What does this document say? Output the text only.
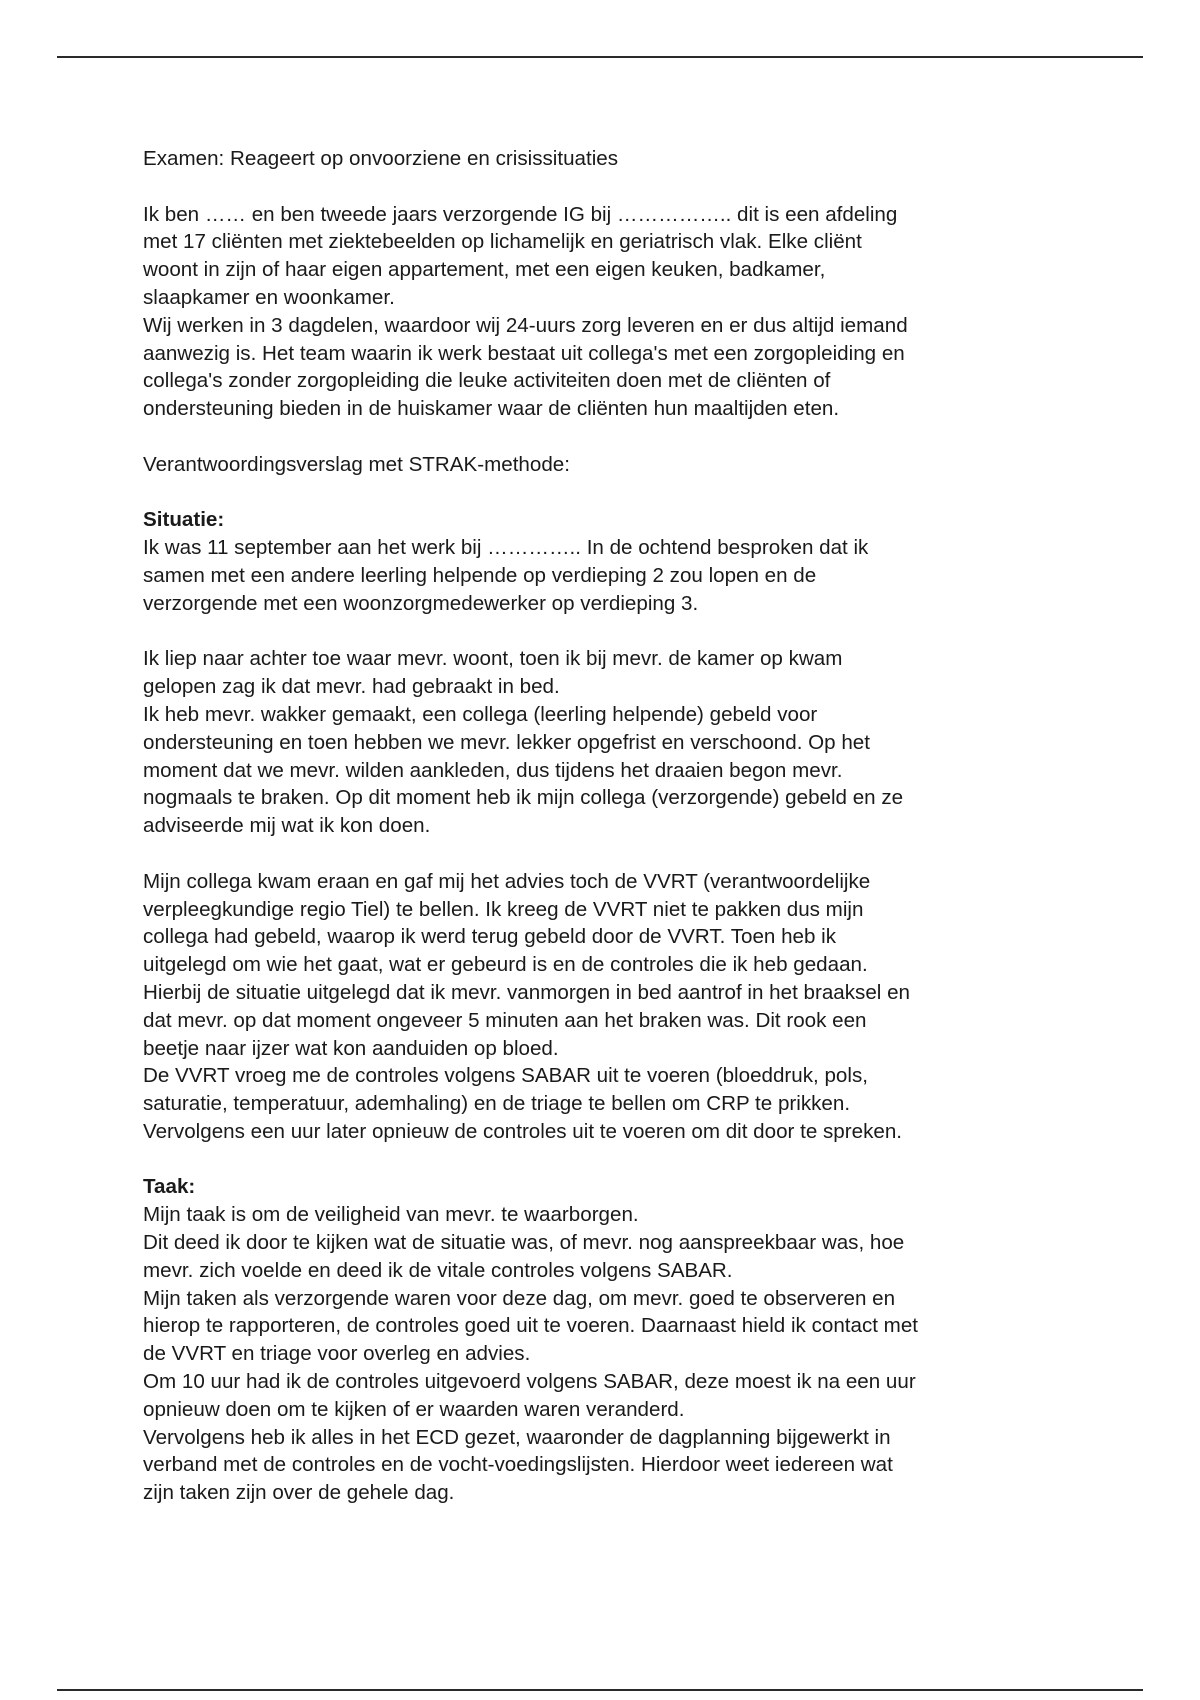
Examen: Reageert op onvoorziene en crisissituaties

Ik ben …… en ben tweede jaars verzorgende IG bij …………….. dit is een afdeling
met 17 cliënten met ziektebeelden op lichamelijk en geriatrisch vlak. Elke cliënt
woont in zijn of haar eigen appartement, met een eigen keuken, badkamer,
slaapkamer en woonkamer.

Wij werken in 3 dagdelen, waardoor wij 24-uurs zorg leveren en er dus altijd iemand
aanwezig is. Het team waarin ik werk bestaat uit collega's met een zorgopleiding en
collega's zonder zorgopleiding die leuke activiteiten doen met de cliënten of
ondersteuning bieden in de huiskamer waar de cliënten hun maaltijden eten.

Verantwoordingsverslag met STRAK-methode:

Situatie:

Ik was 11 september aan het werk bij ………….. In de ochtend besproken dat ik
samen met een andere leerling helpende op verdieping 2 zou lopen en de
verzorgende met een woonzorgmedewerker op verdieping 3.

Ik liep naar achter toe waar mevr. woont, toen ik bij mevr. de kamer op kwam
gelopen zag ik dat mevr. had gebraakt in bed.

Ik heb mevr. wakker gemaakt, een collega (leerling helpende) gebeld voor
ondersteuning en toen hebben we mevr. lekker opgefrist en verschoond. Op het
moment dat we mevr. wilden aankleden, dus tijdens het draaien begon mevr.
nogmaals te braken. Op dit moment heb ik mijn collega (verzorgende) gebeld en ze
adviseerde mij wat ik kon doen.

Mijn collega kwam eraan en gaf mij het advies toch de VVRT (verantwoordelijke
verpleegkundige regio Tiel) te bellen. Ik kreeg de VVRT niet te pakken dus mijn
collega had gebeld, waarop ik werd terug gebeld door de VVRT. Toen heb ik
uitgelegd om wie het gaat, wat er gebeurd is en de controles die ik heb gedaan.
Hierbij de situatie uitgelegd dat ik mevr. vanmorgen in bed aantrof in het braaksel en
dat mevr. op dat moment ongeveer 5 minuten aan het braken was. Dit rook een
beetje naar ijzer wat kon aanduiden op bloed.

De VVRT vroeg me de controles volgens SABAR uit te voeren (bloeddruk, pols,
saturatie, temperatuur, ademhaling) en de triage te bellen om CRP te prikken.
Vervolgens een uur later opnieuw de controles uit te voeren om dit door te spreken.

Taak:

Mijn taak is om de veiligheid van mevr. te waarborgen.

Dit deed ik door te kijken wat de situatie was, of mevr. nog aanspreekbaar was, hoe
mevr. zich voelde en deed ik de vitale controles volgens SABAR.

Mijn taken als verzorgende waren voor deze dag, om mevr. goed te observeren en
hierop te rapporteren, de controles goed uit te voeren. Daarnaast hield ik contact met
de VVRT en triage voor overleg en advies.

Om 10 uur had ik de controles uitgevoerd volgens SABAR, deze moest ik na een uur
opnieuw doen om te kijken of er waarden waren veranderd.

Vervolgens heb ik alles in het ECD gezet, waaronder de dagplanning bijgewerkt in
verband met de controles en de vocht-voedingslijsten. Hierdoor weet iedereen wat
zijn taken zijn over de gehele dag.
